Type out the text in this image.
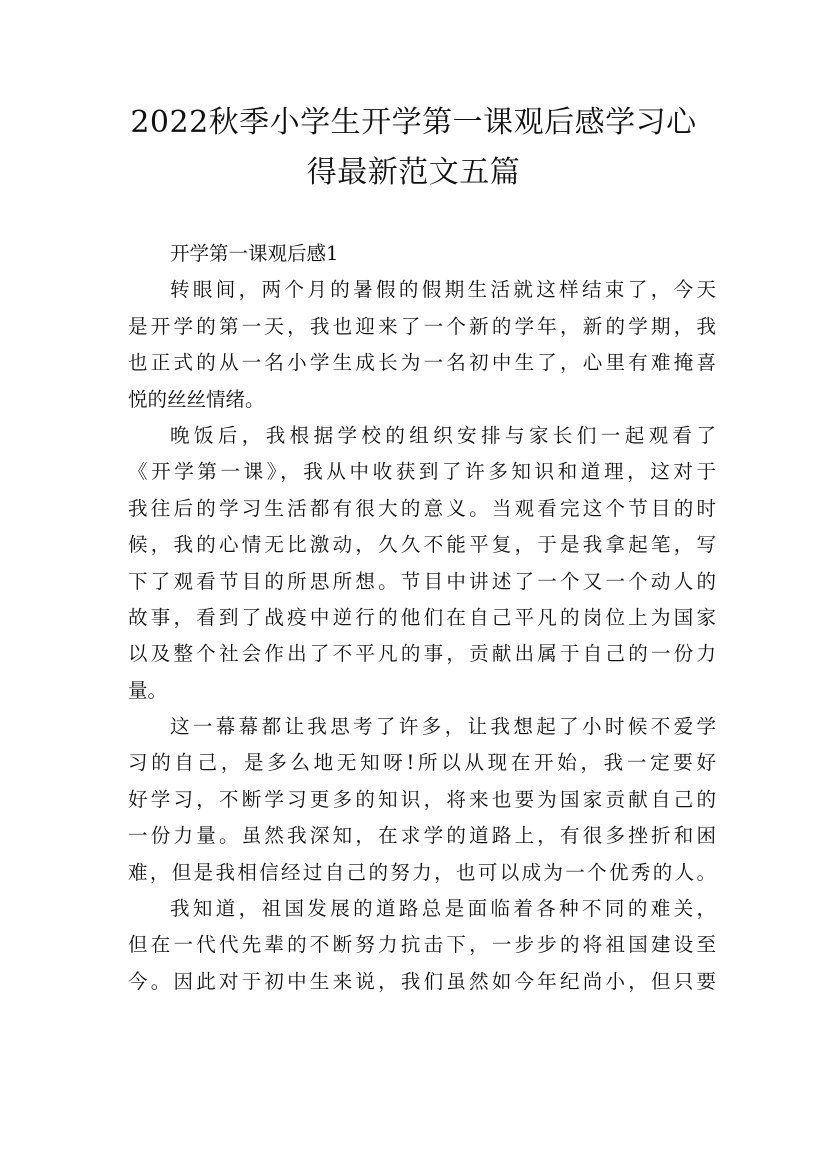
2022秋季小学生开学第一课观后感学习心
得最新范文五篇
开学第一课观后感1

转眼间，两个月的暑假的假期生活就这样结束了，今天
是开学的第一天，我也迎来了一个新的学年，新的学期，我
也正式的从一名小学生成长为一名初中生了，心里有难掩喜
悦的丝丝情绪。

晚饭后，我根据学校的组织安排与家长们一起观看了
《开学第一课》，我从中收获到了许多知识和道理，这对于
我往后的学习生活都有很大的意义。当观看完这个节目的时
候，我的心情无比激动，久久不能平复，于是我拿起笔，写
下了观看节目的所思所想。节目中讲述了一个又一个动人的
故事，看到了战疫中逆行的他们在自己平凡的岗位上为国家
以及整个社会作出了不平凡的事，贡献出属于自己的一份力
量。

这一幕幕都让我思考了许多，让我想起了小时候不爱学
习的自己，是多么地无知呀!所以从现在开始，我一定要好
好学习，不断学习更多的知识，将来也要为国家贡献自己的
一份力量。虽然我深知，在求学的道路上，有很多挫折和困
难，但是我相信经过自己的努力，也可以成为一个优秀的人。

我知道，祖国发展的道路总是面临着各种不同的难关，
但在一代代先辈的不断努力抗击下，一步步的将祖国建设至
今。因此对于初中生来说，我们虽然如今年纪尚小，但只要
